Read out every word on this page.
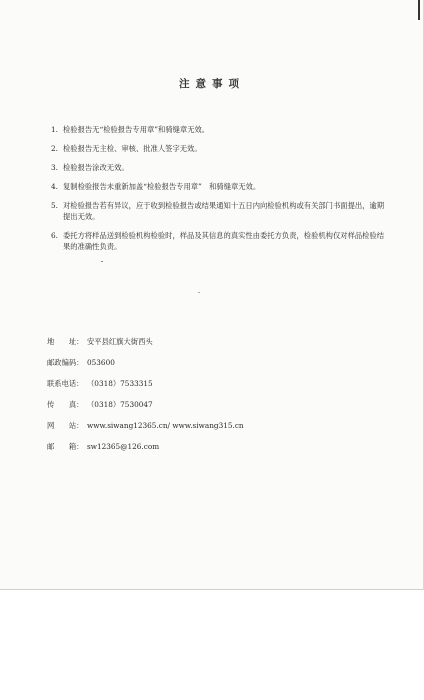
注意事项
1. 检验报告无“检验报告专用章”和骑缝章无效。
2. 检验报告无主检、审核、批准人签字无效。
3. 检验报告涂改无效。
4. 复制检验报告未重新加盖“检验报告专用章”　和骑缝章无效。
5. 对检验报告若有异议，应于收到检验报告或结果通知十五日内向检验机构或有关部门书面提出，逾期提出无效。
6. 委托方将样品送到检验机构检验时，样品及其信息的真实性由委托方负责，检验机构仅对样品检验结果的准确性负责。
地　　址： 安平县红旗大街西头
邮政编码： 053600
联系电话： （0318）7533315
传　　真： （0318）7530047
网　　站： www.siwang12365.cn/ www.siwang315.cn
邮　　箱： sw12365@126.com
